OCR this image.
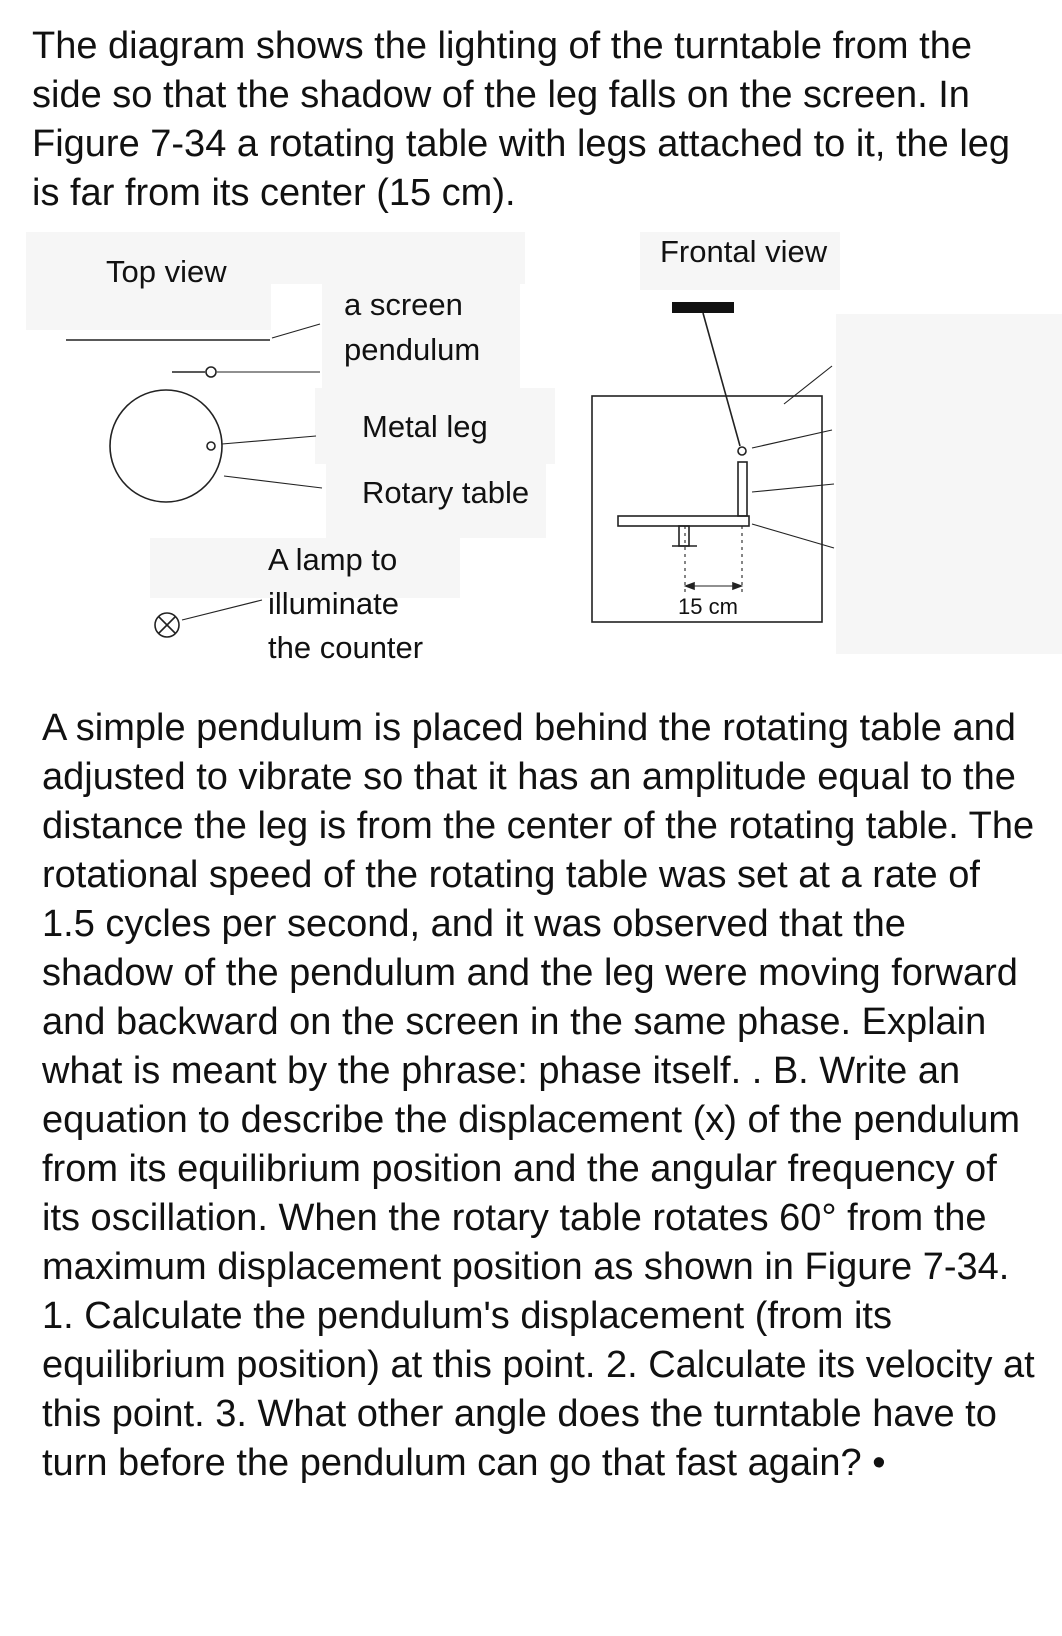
The diagram shows the lighting of the turntable from the side so that the shadow of the leg falls on the screen. In Figure 7-34 a rotating table with legs attached to it, the leg is far from its center (15 cm).

Top view
Frontal view
a screen
pendulum
Metal leg
Rotary table
A lamp to
illuminate
the counter
15 cm

A simple pendulum is placed behind the rotating table and adjusted to vibrate so that it has an amplitude equal to the distance the leg is from the center of the rotating table. The rotational speed of the rotating table was set at a rate of 1.5 cycles per second, and it was observed that the shadow of the pendulum and the leg were moving forward and backward on the screen in the same phase. Explain what is meant by the phrase: phase itself. . B. Write an equation to describe the displacement (x) of the pendulum from its equilibrium position and the angular frequency of its oscillation. When the rotary table rotates 60° from the maximum displacement position as shown in Figure 7-34. 1. Calculate the pendulum's displacement (from its equilibrium position) at this point. 2. Calculate its velocity at this point. 3. What other angle does the turntable have to turn before the pendulum can go that fast again? •
